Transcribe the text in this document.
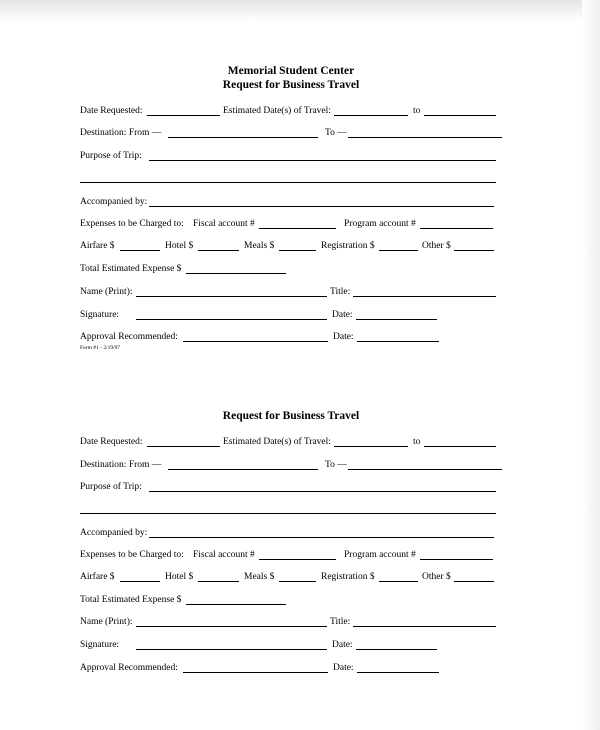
Memorial Student Center
Request for Business Travel
Date Requested:	Estimated Date(s) of Travel:	to
Destination: From —	To —
Purpose of Trip:
Accompanied by:
Expenses to be Charged to: Fiscal account #	Program account #
Airfare $	Hotel $	Meals $	Registration $	Other $
Total Estimated Expense $
Name (Print):	Title:
Signature:	Date:
Approval Recommended:	Date:
Form #1 - 2/19/97
Request for Business Travel
Date Requested:	Estimated Date(s) of Travel:	to
Destination: From —	To —
Purpose of Trip:
Accompanied by:
Expenses to be Charged to: Fiscal account #	Program account #
Airfare $	Hotel $	Meals $	Registration $	Other $
Total Estimated Expense $
Name (Print):	Title:
Signature:	Date:
Approval Recommended:	Date:
